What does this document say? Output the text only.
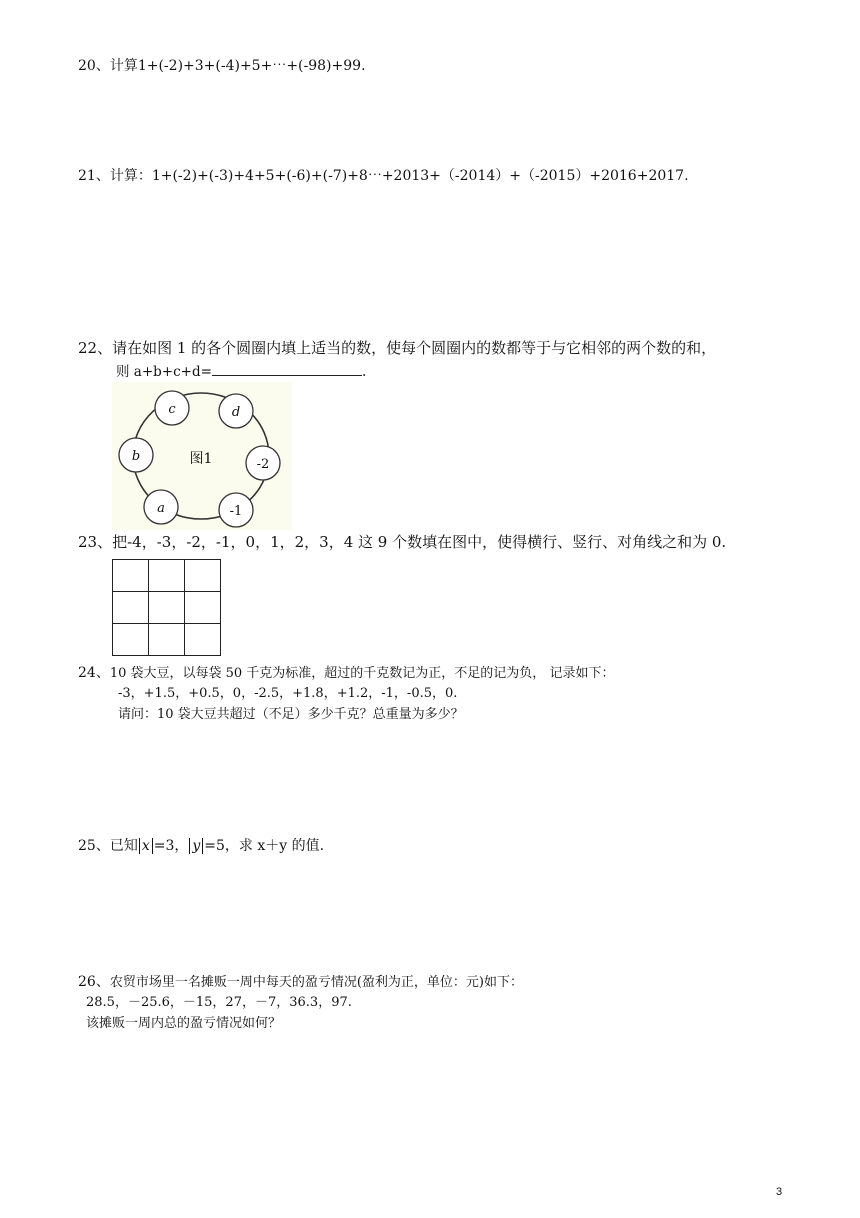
20、计算1+(-2)+3+(-4)+5+⋯+(-98)+99.
21、计算：1+(-2)+(-3)+4+5+(-6)+(-7)+8⋯+2013+（-2014）+（-2015）+2016+2017.
22、请在如图 1 的各个圆圈内填上适当的数，使每个圆圈内的数都等于与它相邻的两个数的和，
则 a+b+c+d=	.
c	d
b
-2
a	-1
图1
23、把-4，-3，-2，-1，0，1，2，3，4 这 9 个数填在图中，使得横行、竖行、对角线之和为 0.

24、10 袋大豆，以每袋 50 千克为标准，超过的千克数记为正，不足的记为负， 记录如下：
-3，+1.5，+0.5，0，-2.5，+1.8，+1.2，-1，-0.5，0.
请问：10 袋大豆共超过（不足）多少千克？总重量为多少？
25、已知 x =3， y =5，求 x＋y 的值.
26、农贸市场里一名摊贩一周中每天的盈亏情况(盈利为正，单位：元)如下：
28.5，－25.6，－15，27，－7，36.3，97.
该摊贩一周内总的盈亏情况如何？
3
